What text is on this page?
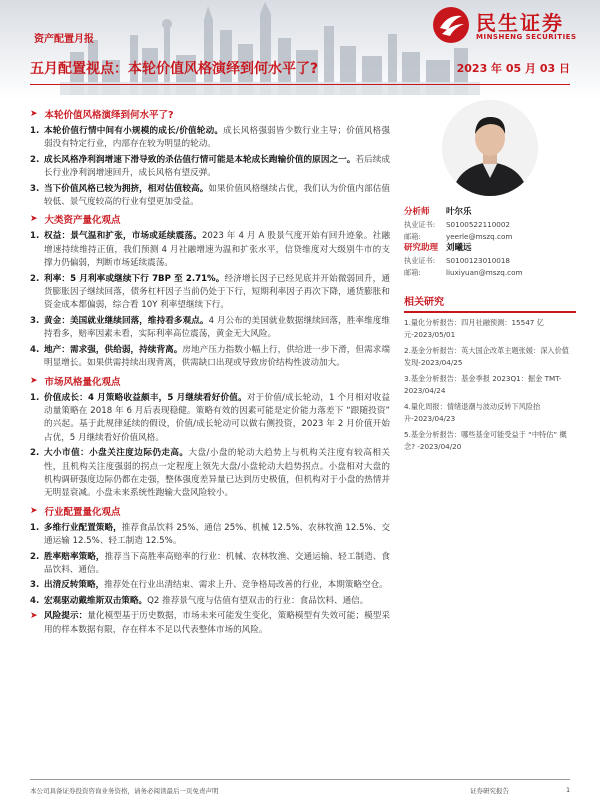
民生证券
MINSHENG SECURITIES
资产配置月报
五月配置视点：本轮价值风格演绎到何水平了?	2023 年 05 月 03 日
➤ 本轮价值风格演绎到何水平了?
1. 本轮价值行情中间有小规模的成长/价值轮动。成长风格强弱皆少数行业主导；价值风格强弱没有特定行业，内部存在较为明显的轮动。
2. 成长风格净利润增速下滑导致的杀估值行情可能是本轮成长跑输价值的原因之一。若后续成长行业净利润增速回升，成长风格有望反弹。
3. 当下价值风格已较为拥挤，相对估值较高。如果价值风格继续占优，我们认为价值内部估值较低、景气度较高的行业有望更加受益。
➤ 大类资产量化观点
1. 权益：景气温和扩张，市场或延续震荡。2023 年 4 月 A 股景气度开始有回升迹象。社融增速持续维持正值，我们预测 4 月社融增速为温和扩张水平，信贷维度对大级别牛市的支撑力仍偏弱，判断市场延续震荡。
2. 利率：5 月利率或继续下行 7BP 至 2.71%。经济增长因子已经见底并开始微弱回升，通货膨胀因子继续回落，债务杠杆因子当前仍处于下行，短期利率因子再次下降，通货膨胀和资金成本都偏弱，综合看 10Y 利率望继续下行。
3. 黄金：美国就业继续回落，维持看多观点。4 月公布的美国就业数据继续回落，胜率维度维持看多，赔率因素未看，实际利率高位震荡，黄金无大风险。
4. 地产：需求强，供给弱，持续背离。房地产压力指数小幅上行，供给进一步下滑，但需求端明显增长。如果供需持续出现背离，供需缺口出现或导致房价结构性波动加大。
➤ 市场风格量化观点
1. 价值成长：4 月策略收益颇丰，5 月继续看好价值。对于价值/成长轮动，1 个月相对收益动量策略在 2018 年 6 月后表现稳健。策略有效的因素可能是定价能力落差下 “跟随投资” 的兴起。基于此规律延续的假设，价值/成长轮动可以做右侧投资，2023 年 2 月价值开始占优，5 月继续看好价值风格。
2. 大小市值：小盘关注度边际仍走高。大盘/小盘的轮动大趋势上与机构关注度有较高相关性，且机构关注度强弱的拐点一定程度上领先大盘/小盘轮动大趋势拐点。小盘相对大盘的机构调研强度边际仍都在走强，整体强度差异量已达到历史极值，但机构对于小盘的热情并无明显衰减。小盘未来系统性跑输大盘风险较小。
➤ 行业配置量化观点
1. 多维行业配置策略，推荐食品饮料 25%、通信 25%、机械 12.5%、农林牧渔 12.5%、交通运输 12.5%、轻工制造 12.5%。
2. 胜率赔率策略，推荐当下高胜率高赔率的行业：机械、农林牧渔、交通运输、轻工制造、食品饮料、通信。
3. 出清反转策略，推荐处在行业出清结束、需求上升、竞争格局改善的行业，本期策略空仓。
4. 宏观驱动戴维斯双击策略。Q2 推荐景气度与估值有望双击的行业：食品饮料、通信。
➤ 风险提示：量化模型基于历史数据，市场未来可能发生变化，策略模型有失效可能；模型采用的样本数据有限，存在样本不足以代表整体市场的风险。
分析师 叶尔乐
执业证书: S0100522110002
邮箱:	yeerle@mszq.com
研究助理 刘曦远
执业证书: S0100123010018
邮箱:	liuxiyuan@mszq.com
相关研究
1.量化分析报告：四月社融预测：15547 亿元-2023/05/01
2.基金分析报告：英大国企改革主题张媛：深入价值发现-2023/04/25
3.基金分析报告：基金季报 2023Q1：掘金 TMT-2023/04/24
4.量化周报：情绪退潮与波动反转下风险抬升-2023/04/23
5.基金分析报告：哪些基金可能受益于 “中特估” 概念? -2023/04/20
本公司具备证券投资咨询业务资格，请务必阅读最后一页免责声明	证券研究报告	1
